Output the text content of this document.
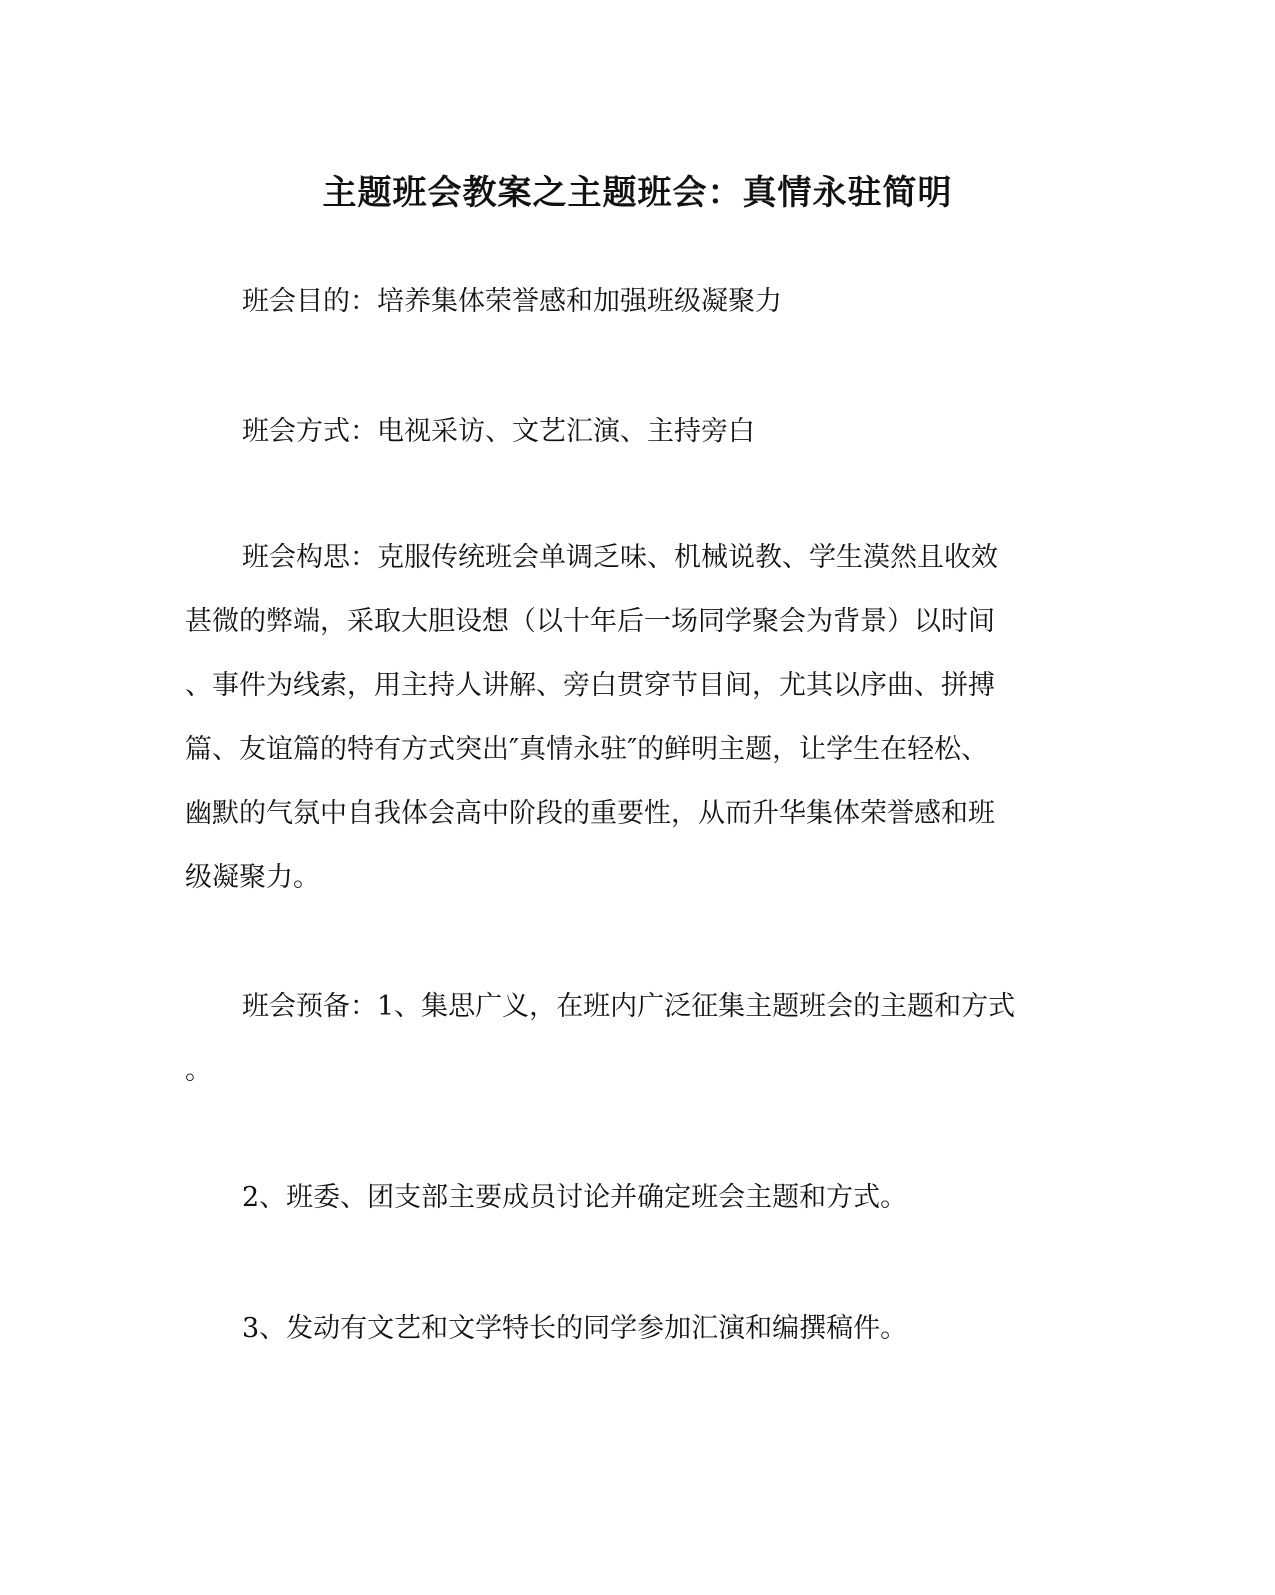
主题班会教案之主题班会：真情永驻简明

班会目的：培养集体荣誉感和加强班级凝聚力

班会方式：电视采访、文艺汇演、主持旁白

班会构思：克服传统班会单调乏味、机械说教、学生漠然且收效
甚微的弊端，采取大胆设想（以十年后一场同学聚会为背景）以时间
、事件为线索，用主持人讲解、旁白贯穿节目间，尤其以序曲、拼搏
篇、友谊篇的特有方式突出″真情永驻″的鲜明主题，让学生在轻松、
幽默的气氛中自我体会高中阶段的重要性，从而升华集体荣誉感和班
级凝聚力。

班会预备：1、集思广义，在班内广泛征集主题班会的主题和方式
。

2、班委、团支部主要成员讨论并确定班会主题和方式。

3、发动有文艺和文学特长的同学参加汇演和编撰稿件。
